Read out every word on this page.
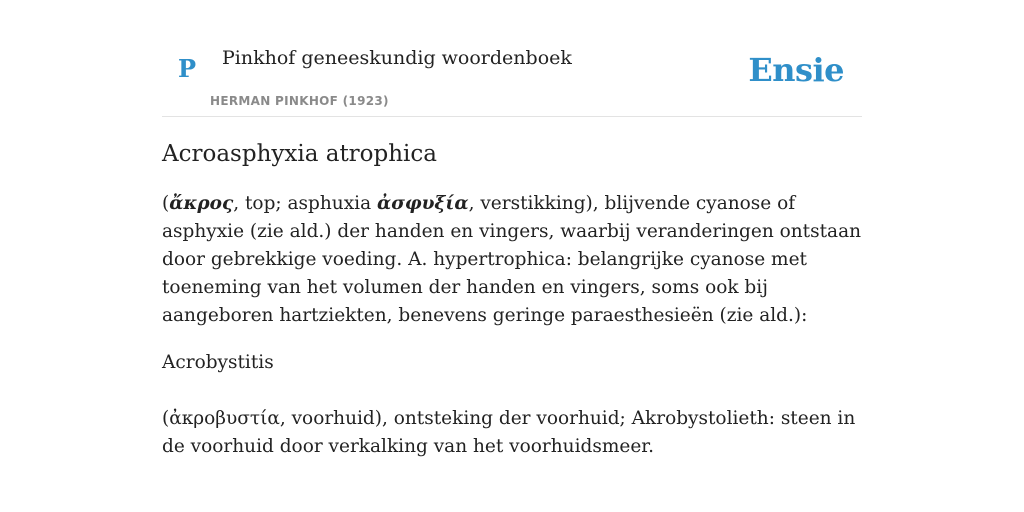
P Pinkhof geneeskundig woordenboek
HERMAN PINKHOF (1923)
Ensie
Acroasphyxia atrophica

(ἄκρος, top; asphuxia ἀσφυξία, verstikking), blijvende cyanose of asphyxie (zie ald.) der handen en vingers, waarbij veranderingen ontstaan door gebrekkige voeding. A. hypertrophica: belangrijke cyanose met toeneming van het volumen der handen en vingers, soms ook bij aangeboren hartziekten, benevens geringe paraesthesieën (zie ald.):

Acrobystitis

(ἀκροβυστία, voorhuid), ontsteking der voorhuid; Akrobystolieth: steen in de voorhuid door verkalking van het voorhuidsmeer.
